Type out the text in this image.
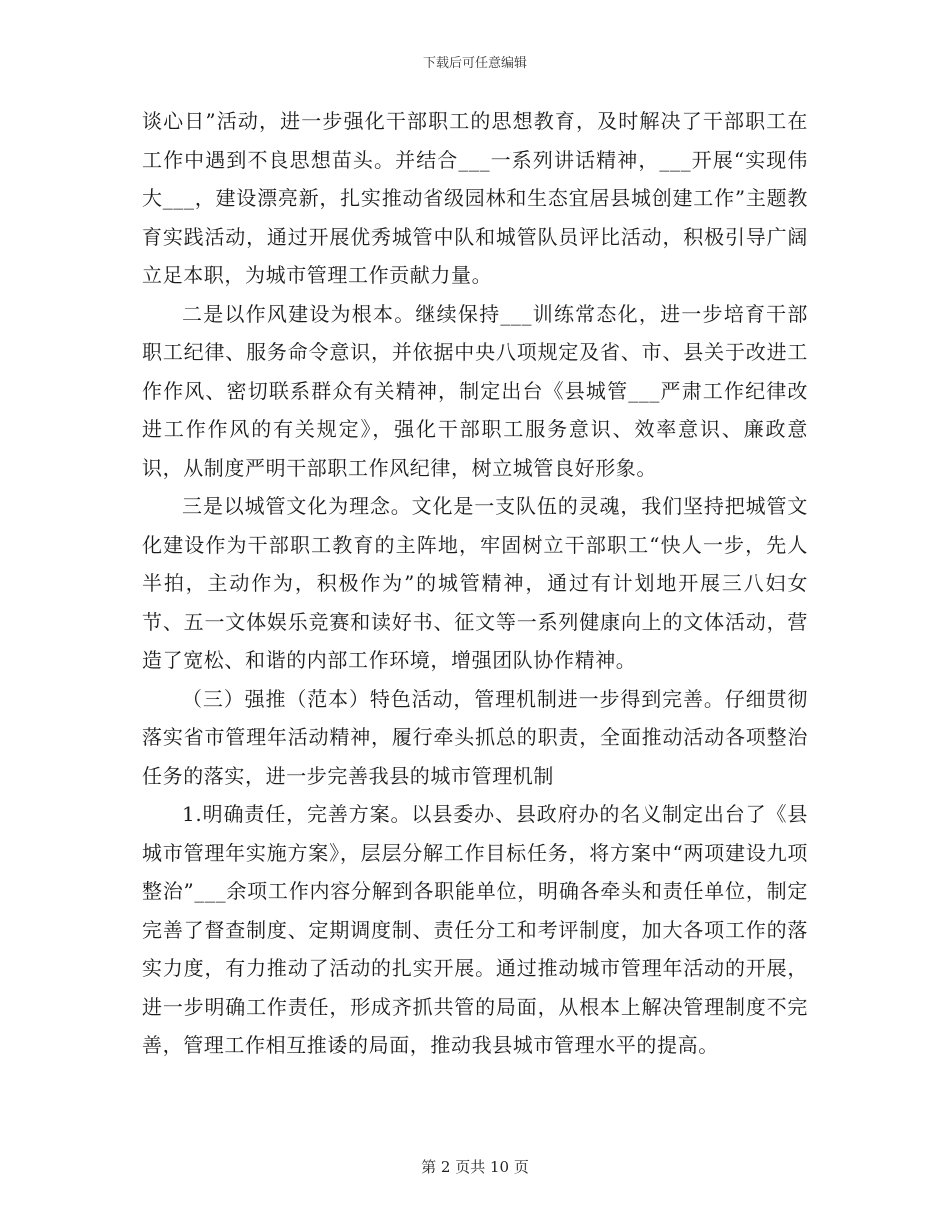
下载后可任意编辑

谈心日”活动，进一步强化干部职工的思想教育，及时解决了干部职工在工作中遇到不良思想苗头。并结合___一系列讲话精神，___开展“实现伟大___，建设漂亮新，扎实推动省级园林和生态宜居县城创建工作”主题教育实践活动，通过开展优秀城管中队和城管队员评比活动，积极引导广阔立足本职，为城市管理工作贡献力量。

二是以作风建设为根本。继续保持___训练常态化，进一步培育干部职工纪律、服务命令意识，并依据中央八项规定及省、市、县关于改进工作作风、密切联系群众有关精神，制定出台《县城管___严肃工作纪律改进工作作风的有关规定》，强化干部职工服务意识、效率意识、廉政意识，从制度严明干部职工作风纪律，树立城管良好形象。

三是以城管文化为理念。文化是一支队伍的灵魂，我们坚持把城管文化建设作为干部职工教育的主阵地，牢固树立干部职工“快人一步，先人半拍，主动作为，积极作为”的城管精神，通过有计划地开展三八妇女节、五一文体娱乐竞赛和读好书、征文等一系列健康向上的文体活动，营造了宽松、和谐的内部工作环境，增强团队协作精神。

（三）强推（范本）特色活动，管理机制进一步得到完善。仔细贯彻落实省市管理年活动精神，履行牵头抓总的职责，全面推动活动各项整治任务的落实，进一步完善我县的城市管理机制

1.明确责任，完善方案。以县委办、县政府办的名义制定出台了《县城市管理年实施方案》，层层分解工作目标任务，将方案中“两项建设九项整治”___余项工作内容分解到各职能单位，明确各牵头和责任单位，制定完善了督查制度、定期调度制、责任分工和考评制度，加大各项工作的落实力度，有力推动了活动的扎实开展。通过推动城市管理年活动的开展，进一步明确工作责任，形成齐抓共管的局面，从根本上解决管理制度不完善，管理工作相互推诿的局面，推动我县城市管理水平的提高。

第 2 页共 10 页
